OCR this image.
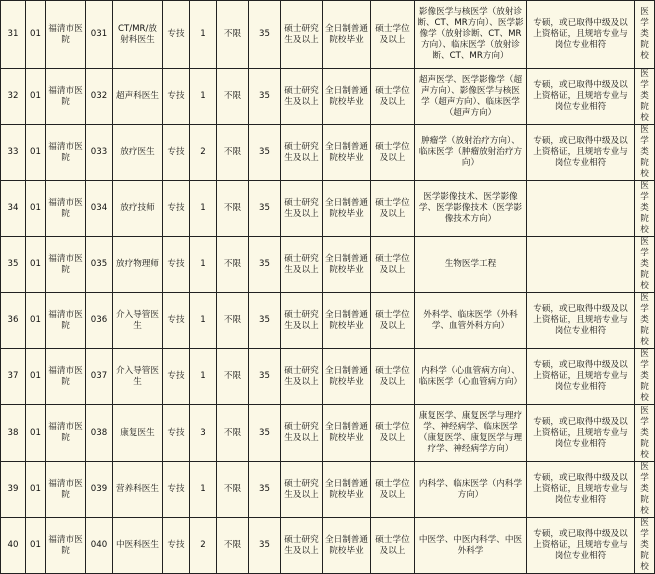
31	01	福清市医院	031	CT/MR/放射科医生	专技	1	不限	35	硕士研究生及以上	全日制普通院校毕业	硕士学位及以上	影像医学与核医学（放射诊断、CT、MR方向）、医学影像学（放射诊断、CT、MR方向）、临床医学（放射诊断、CT、MR方向）	专硕，或已取得中级及以上资格证，且规培专业与岗位专业相符	医学类院校
32	01	福清市医院	032	超声科医生	专技	1	不限	35	硕士研究生及以上	全日制普通院校毕业	硕士学位及以上	超声医学、医学影像学（超声方向）、影像医学与核医学（超声方向）、临床医学（超声方向）	专硕，或已取得中级及以上资格证，且规培专业与岗位专业相符	医学类院校
33	01	福清市医院	033	放疗医生	专技	2	不限	35	硕士研究生及以上	全日制普通院校毕业	硕士学位及以上	肿瘤学（放射治疗方向）、临床医学（肿瘤放射治疗方向）	专硕，或已取得中级及以上资格证，且规培专业与岗位专业相符	医学类院校
34	01	福清市医院	034	放疗技师	专技	1	不限	35	硕士研究生及以上	全日制普通院校毕业	硕士学位及以上	医学影像技术、医学影像学、医学影像技术（医学影像技术方向）		医学类院校
35	01	福清市医院	035	放疗物理师	专技	1	不限	35	硕士研究生及以上	全日制普通院校毕业	硕士学位及以上	生物医学工程		医学类院校
36	01	福清市医院	036	介入导管医生	专技	1	不限	35	硕士研究生及以上	全日制普通院校毕业	硕士学位及以上	外科学、临床医学（外科学、血管外科方向）	专硕，或已取得中级及以上资格证，且规培专业与岗位专业相符	医学类院校
37	01	福清市医院	037	介入导管医生	专技	1	不限	35	硕士研究生及以上	全日制普通院校毕业	硕士学位及以上	内科学（心血管病方向）、临床医学（心血管病方向）	专硕，或已取得中级及以上资格证，且规培专业与岗位专业相符	医学类院校
38	01	福清市医院	038	康复医生	专技	3	不限	35	硕士研究生及以上	全日制普通院校毕业	硕士学位及以上	康复医学、康复医学与理疗学、神经病学、临床医学（康复医学、康复医学与理疗学、神经病学方向）	专硕，或已取得中级及以上资格证，且规培专业与岗位专业相符	医学类院校
39	01	福清市医院	039	营养科医生	专技	1	不限	35	硕士研究生及以上	全日制普通院校毕业	硕士学位及以上	内科学、临床医学（内科学方向）	专硕，或已取得中级及以上资格证，且规培专业与岗位专业相符	医学类院校
40	01	福清市医院	040	中医科医生	专技	2	不限	35	硕士研究生及以上	全日制普通院校毕业	硕士学位及以上	中医学、中医内科学、中医外科学	专硕，或已取得中级及以上资格证，且规培专业与岗位专业相符	医学类院校
